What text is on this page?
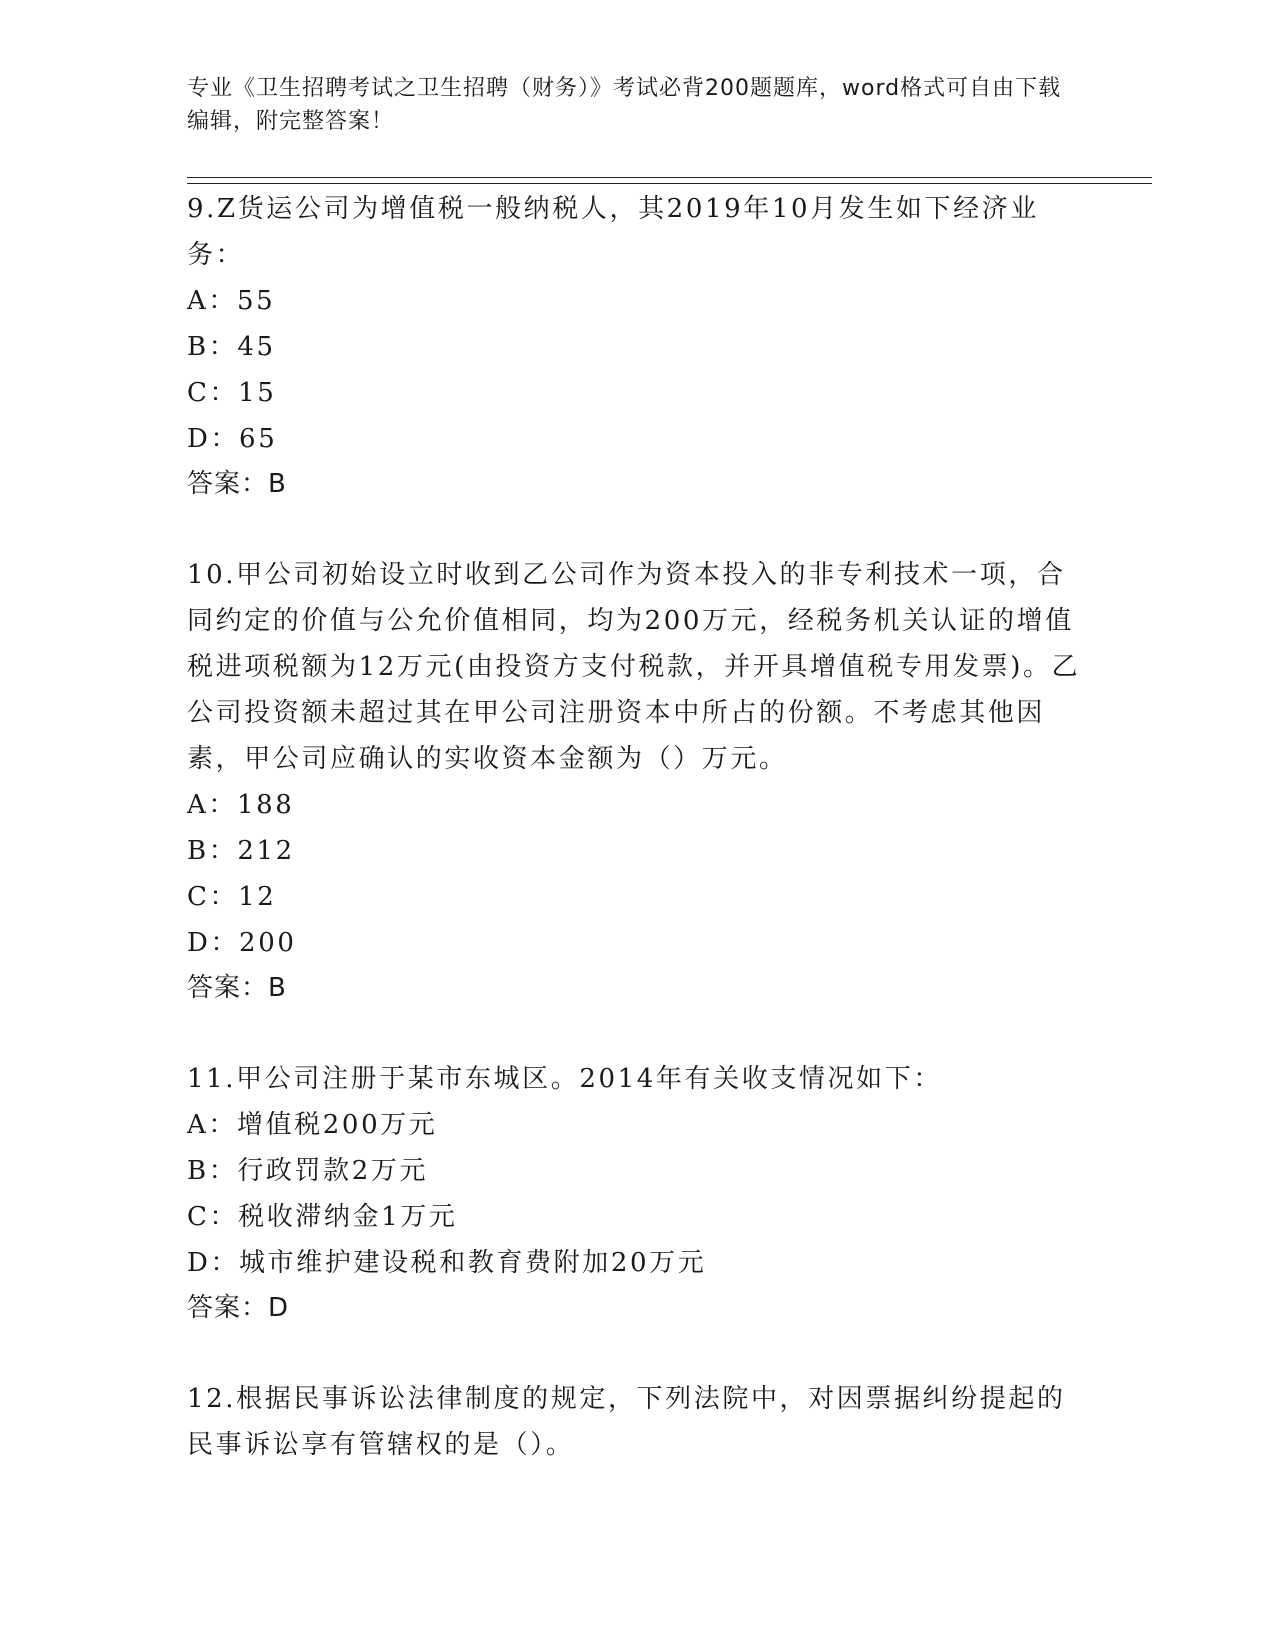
专业《卫生招聘考试之卫生招聘（财务）》考试必背200题题库，word格式可自由下载编辑，附完整答案！
9.Z货运公司为增值税一般纳税人，其2019年10月发生如下经济业务：
A： 55
B： 45
C： 15
D： 65
答案：B
10.甲公司初始设立时收到乙公司作为资本投入的非专利技术一项，合同约定的价值与公允价值相同，均为200万元，经税务机关认证的增值税进项税额为12万元(由投资方支付税款，并开具增值税专用发票)。乙公司投资额未超过其在甲公司注册资本中所占的份额。不考虑其他因素，甲公司应确认的实收资本金额为（）万元。
A： 188
B： 212
C： 12
D： 200
答案：B
11.甲公司注册于某市东城区。2014年有关收支情况如下：
A： 增值税200万元
B： 行政罚款2万元
C： 税收滞纳金1万元
D： 城市维护建设税和教育费附加20万元
答案：D
12.根据民事诉讼法律制度的规定，下列法院中，对因票据纠纷提起的民事诉讼享有管辖权的是（）。
